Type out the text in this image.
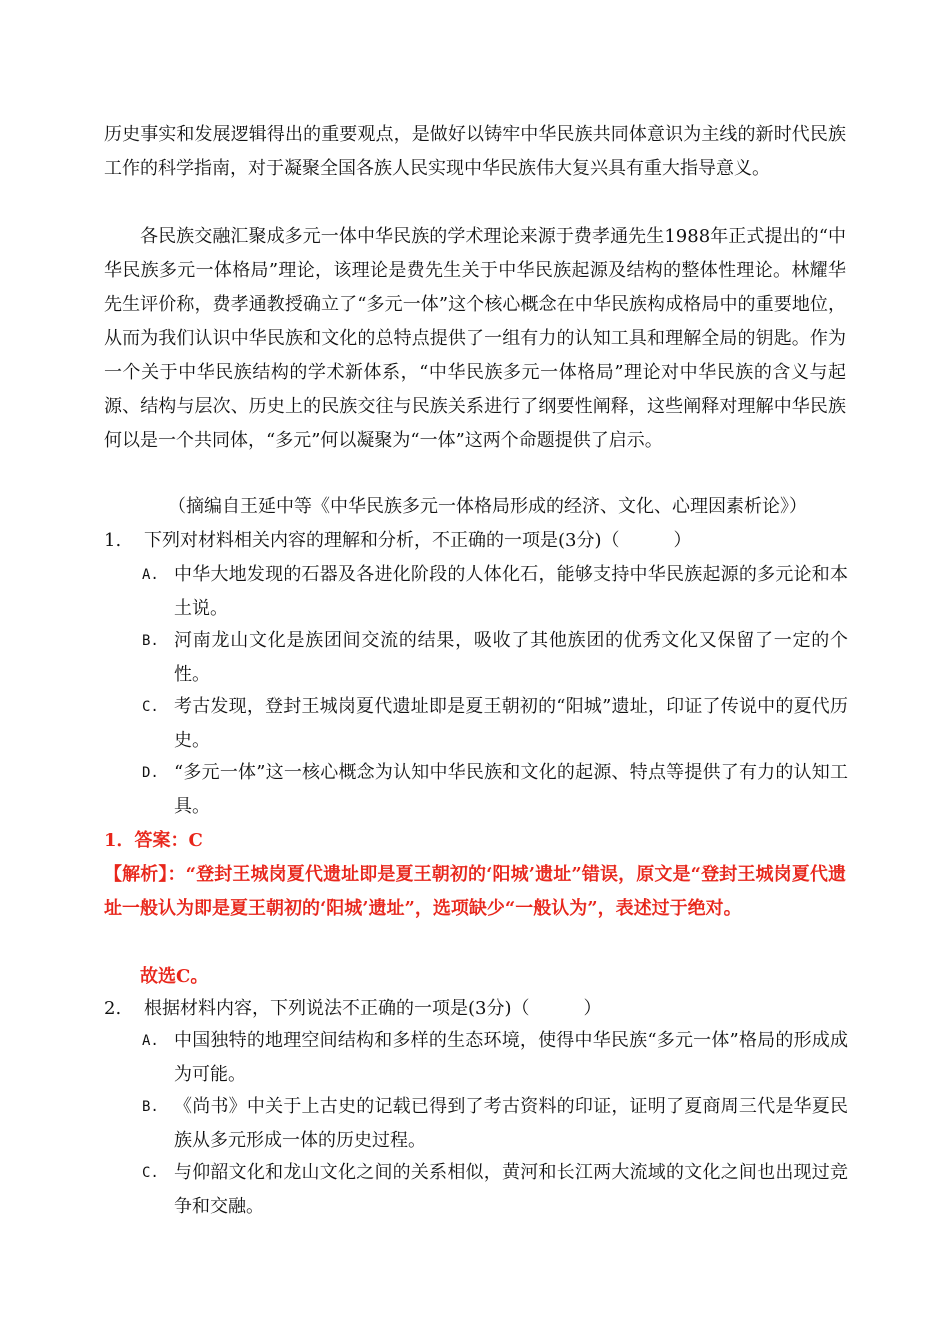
历史事实和发展逻辑得出的重要观点，是做好以铸牢中华民族共同体意识为主线的新时代民族工作的科学指南，对于凝聚全国各族人民实现中华民族伟大复兴具有重大指导意义。

各民族交融汇聚成多元一体中华民族的学术理论来源于费孝通先生1988年正式提出的“中华民族多元一体格局”理论，该理论是费先生关于中华民族起源及结构的整体性理论。林耀华先生评价称，费孝通教授确立了“多元一体”这个核心概念在中华民族构成格局中的重要地位，从而为我们认识中华民族和文化的总特点提供了一组有力的认知工具和理解全局的钥匙。作为一个关于中华民族结构的学术新体系，“中华民族多元一体格局”理论对中华民族的含义与起源、结构与层次、历史上的民族交往与民族关系进行了纲要性阐释，这些阐释对理解中华民族何以是一个共同体，“多元”何以凝聚为“一体”这两个命题提供了启示。

（摘编自王延中等《中华民族多元一体格局形成的经济、文化、心理因素析论》）

1. 下列对材料相关内容的理解和分析，不正确的一项是(3分)（　　　）

A. 中华大地发现的石器及各进化阶段的人体化石，能够支持中华民族起源的多元论和本土说。
B. 河南龙山文化是族团间交流的结果，吸收了其他族团的优秀文化又保留了一定的个性。
C. 考古发现，登封王城岗夏代遗址即是夏王朝初的“阳城”遗址，印证了传说中的夏代历史。
D. “多元一体”这一核心概念为认知中华民族和文化的起源、特点等提供了有力的认知工具。

1．答案：C

【解析】：“登封王城岗夏代遗址即是夏王朝初的‘阳城’遗址”错误，原文是“登封王城岗夏代遗址一般认为即是夏王朝初的‘阳城’遗址”，选项缺少“一般认为”，表述过于绝对。

故选C。

2. 根据材料内容，下列说法不正确的一项是(3分)（　　　）

A. 中国独特的地理空间结构和多样的生态环境，使得中华民族“多元一体”格局的形成成为可能。
B. 《尚书》中关于上古史的记载已得到了考古资料的印证，证明了夏商周三代是华夏民族从多元形成一体的历史过程。
C. 与仰韶文化和龙山文化之间的关系相似，黄河和长江两大流域的文化之间也出现过竞争和交融。
